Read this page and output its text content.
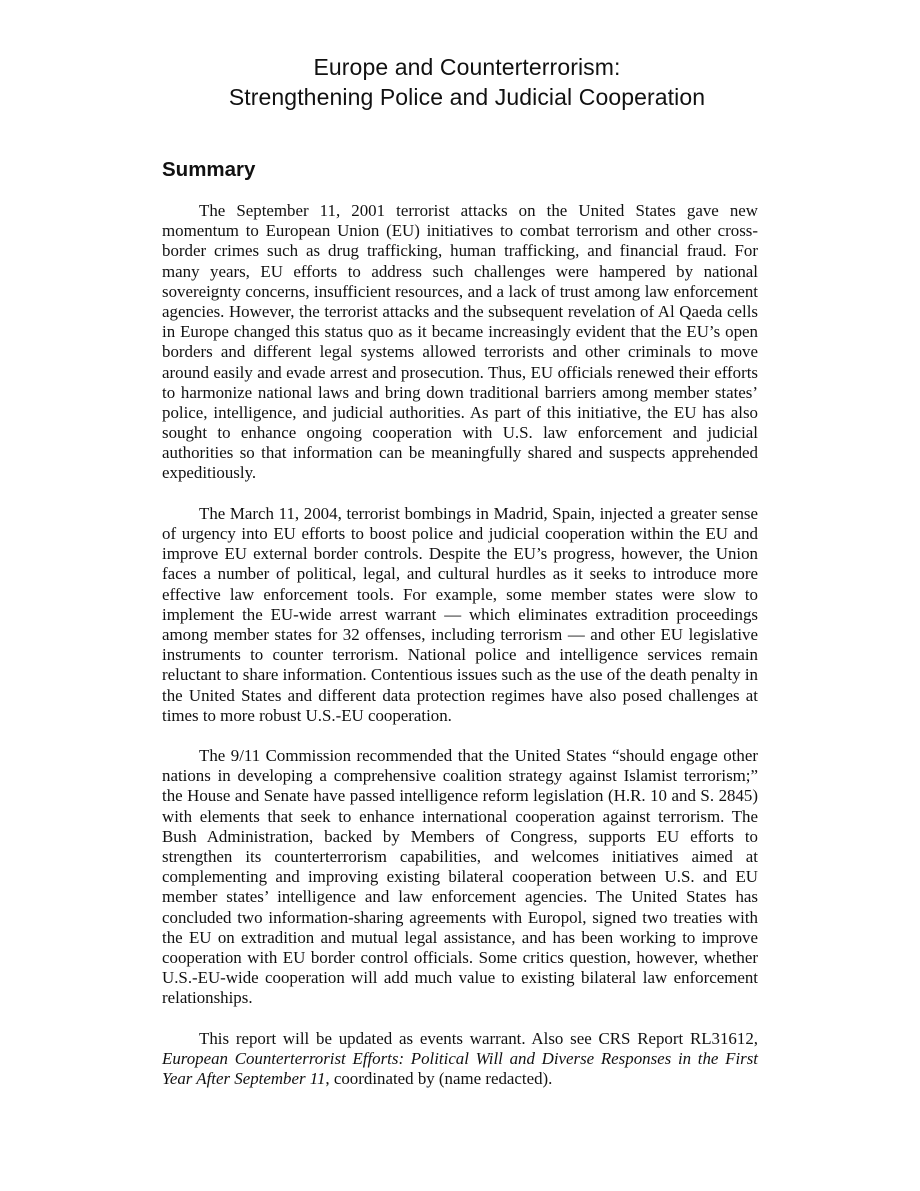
Europe and Counterterrorism:
Strengthening Police and Judicial Cooperation
Summary

The September 11, 2001 terrorist attacks on the United States gave new momentum to European Union (EU) initiatives to combat terrorism and other cross-border crimes such as drug trafficking, human trafficking, and financial fraud. For many years, EU efforts to address such challenges were hampered by national sovereignty concerns, insufficient resources, and a lack of trust among law enforcement agencies. However, the terrorist attacks and the subsequent revelation of Al Qaeda cells in Europe changed this status quo as it became increasingly evident that the EU’s open borders and different legal systems allowed terrorists and other criminals to move around easily and evade arrest and prosecution. Thus, EU officials renewed their efforts to harmonize national laws and bring down traditional barriers among member states’ police, intelligence, and judicial authorities. As part of this initiative, the EU has also sought to enhance ongoing cooperation with U.S. law enforcement and judicial authorities so that information can be meaningfully shared and suspects apprehended expeditiously.

The March 11, 2004, terrorist bombings in Madrid, Spain, injected a greater sense of urgency into EU efforts to boost police and judicial cooperation within the EU and improve EU external border controls. Despite the EU’s progress, however, the Union faces a number of political, legal, and cultural hurdles as it seeks to introduce more effective law enforcement tools. For example, some member states were slow to implement the EU-wide arrest warrant — which eliminates extradition proceedings among member states for 32 offenses, including terrorism — and other EU legislative instruments to counter terrorism. National police and intelligence services remain reluctant to share information. Contentious issues such as the use of the death penalty in the United States and different data protection regimes have also posed challenges at times to more robust U.S.-EU cooperation.

The 9/11 Commission recommended that the United States “should engage other nations in developing a comprehensive coalition strategy against Islamist terrorism;” the House and Senate have passed intelligence reform legislation (H.R. 10 and S. 2845) with elements that seek to enhance international cooperation against terrorism. The Bush Administration, backed by Members of Congress, supports EU efforts to strengthen its counterterrorism capabilities, and welcomes initiatives aimed at complementing and improving existing bilateral cooperation between U.S. and EU member states’ intelligence and law enforcement agencies. The United States has concluded two information-sharing agreements with Europol, signed two treaties with the EU on extradition and mutual legal assistance, and has been working to improve cooperation with EU border control officials. Some critics question, however, whether U.S.-EU-wide cooperation will add much value to existing bilateral law enforcement relationships.

This report will be updated as events warrant. Also see CRS Report RL31612, European Counterterrorist Efforts: Political Will and Diverse Responses in the First Year After September 11, coordinated by (name redacted).
